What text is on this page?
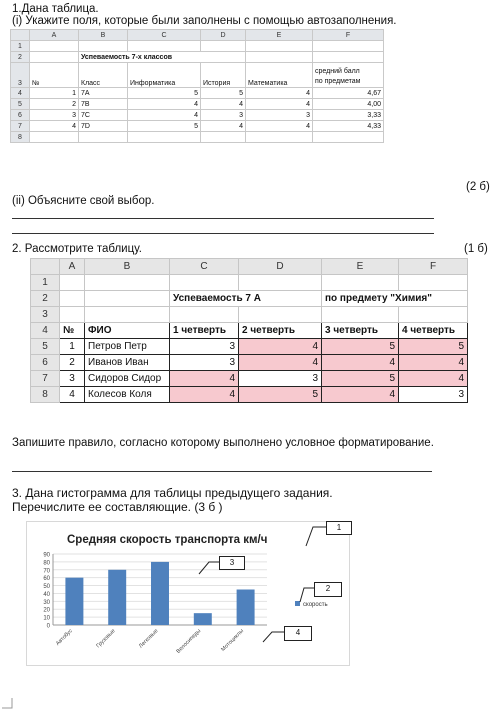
1.Дана таблица.
(i) Укажите поля, которые были заполнены с помощью автозаполнения.
	A	B	C	D	E	F
1						
2		Успеваемость 7-х классов				
3	№	Класс	Информатика	История	Математика	средний балл
по предметам

4	1	7А	5	5	4	4,67
5	2	7В	4	4	4	4,00
6	3	7С	4	3	3	3,33
7	4	7D	5	4	4	4,33
8						
(2 б)
(ii) Объясните свой выбор.
2. Рассмотрите таблицу.	(1 б)
	A	B	C	D	E	F
1						
2			Успеваемость 7 А		по предмету "Химия"	
3						
4	№	ФИО	1 четверть	2 четверть	3 четверть	4 четверть
5	1	Петров Петр	3	4	5	5
6	2	Иванов Иван	3	4	4	4
7	3	Сидоров Сидор	4	3	5	4
8	4	Колесов Коля	4	5	4	3
Запишите правило, согласно которому выполнено условное форматирование.
3. Дана гистограмма для таблицы предыдущего задания.
Перечислите ее составляющие. (3 б )
Средняя скорость транспорта км/ч
0
10
20
30
40
50
60
70
80
90
Автобус	Грузовые	Легковые	Велосипеды	Мотоциклы
скорость
1
3
2
4
